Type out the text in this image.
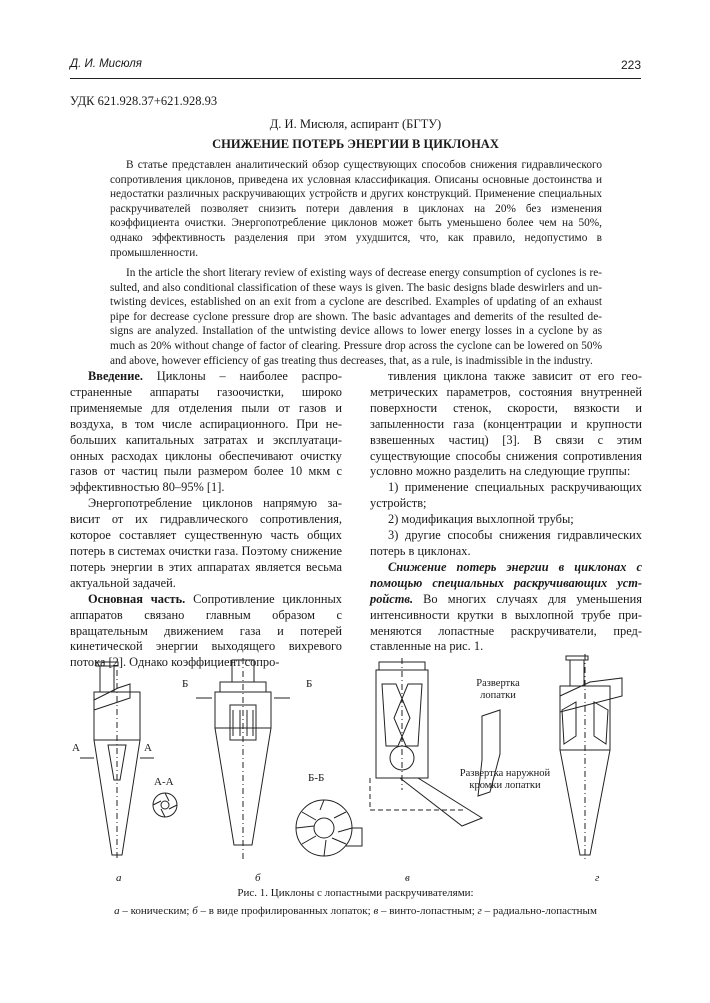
Д. И. Мисюля	223
УДК 621.928.37+621.928.93
Д. И. Мисюля, аспирант (БГТУ)
СНИЖЕНИЕ ПОТЕРЬ ЭНЕРГИИ В ЦИКЛОНАХ

В статье представлен аналитический обзор существующих способов снижения гидравлического сопротивления циклонов, приведена их условная классификация. Описаны основные достоинства и недостатки различных раскручивающих устройств и других конструкций. Применение специальных раскручивателей позволяет снизить потери давления в циклонах на 20% без изменения коэффициента очистки. Энергопотребление циклонов может быть уменьшено более чем на 50%, однако эффективность разделения при этом ухудшится, что, как правило, недопустимо в промышленности.

In the article the short literary review of existing ways of decrease energy consumption of cyclones is resulted, and also conditional classification of these ways is given. The basic designs blade deswirlers and untwisting devices, established on an exit from a cyclone are described. Examples of updating of an exhaust pipe for decrease cyclone pressure drop are shown. The basic advantages and demerits of the resulted designs are analyzed. Installation of the untwisting device allows to lower energy losses in a cyclone by as much as 20% without change of factor of clearing. Pressure drop across the cyclone can be lowered on 50% and above, however efficiency of gas treating thus decreases, that, as a rule, is inadmissible in the industry.

Введение. Циклоны – наиболее распространенные аппараты газоочистки, широко применяемые для отделения пыли от газов и воздуха, в том числе аспирационного. При небольших капитальных затратах и эксплуатационных расходах циклоны обеспечивают очистку газов от частиц пыли размером более 10 мкм с эффективностью 80–95% [1].

Энергопотребление циклонов напрямую зависит от их гидравлического сопротивления, которое составляет существенную часть общих потерь в системах очистки газа. Поэтому снижение потерь энергии в этих аппаратах является весьма актуальной задачей.

Основная часть. Сопротивление циклонных аппаратов связано главным образом с вращательным движением газа и потерей кинетической энергии выходящего вихревого потока [2]. Однако коэффициент сопро-

тивления циклона также зависит от его геометрических параметров, состояния внутренней поверхности стенок, скорости, вязкости и запыленности газа (концентрации и крупности взвешенных частиц) [3]. В связи с этим существующие способы снижения сопротивления условно можно разделить на следующие группы:

1) применение специальных раскручивающих устройств;

2) модификация выхлопной трубы;

3) другие способы снижения гидравлических потерь в циклонах.

Снижение потерь энергии в циклонах с помощью специальных раскручивающих устройств. Во многих случаях для уменьшения интенсивности крутки в выхлопной трубе применяются лопастные раскручиватели, представленные на рис. 1.

А	А
А-А
Б	Б
Б-Б
Развертка
лопатки
Развертка наружной
кромки лопатки
а	б	в	г
Рис. 1. Циклоны с лопастными раскручивателями:
а – коническим; б – в виде профилированных лопаток; в – винто-лопастным; г – радиально-лопастным
